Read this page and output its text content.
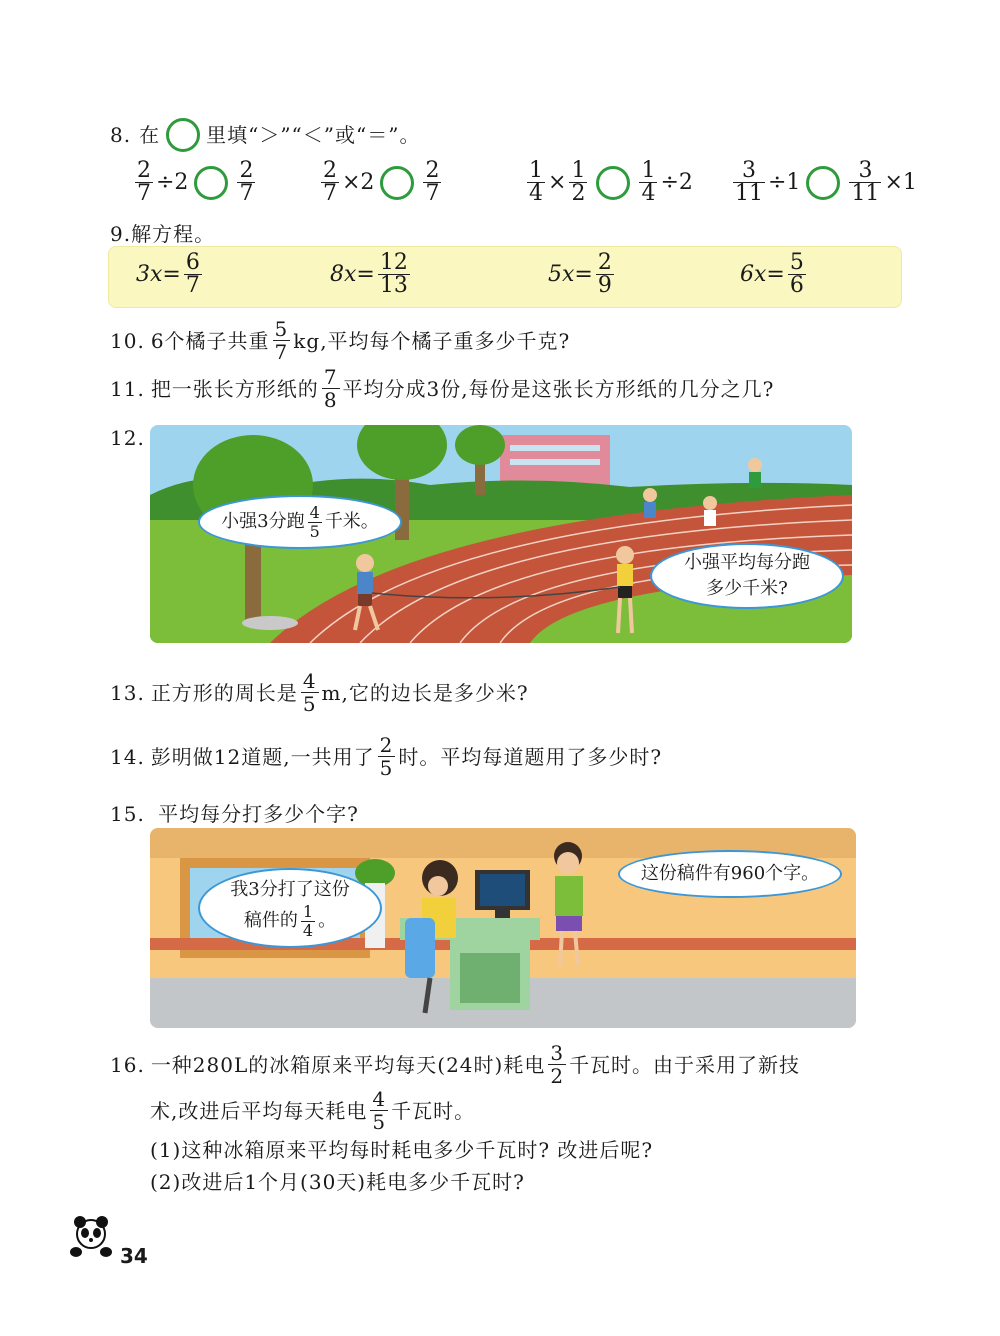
8. 在 里填“＞”“＜”或“＝”。
$\frac{2}{7} \div 2 \frac{2}{7}$	$\frac{2}{7} \times 2 \frac{2}{7}$	$\frac{1}{4} \times \frac{1}{2} \frac{1}{4} \div 2 \frac{3}{11} \div 1 \frac{3}{11} \times 1$
9.解方程。
$3x= \frac{6}{7}$	$8x= \frac{12}{13}$	$5x= \frac{2}{9}$	$6x= \frac{5}{6}$
10. 6个橘子共重 $\frac{5}{7}$ kg,平均每个橘子重多少千克?
11. 把一张长方形纸的 $\frac{7}{8}$ 平均分成3份,每份是这张长方形纸的几分之几?
12.
小强3分跑 $\frac{4}{5}$ 千米。
小强平均每分跑
多少千米?
13. 正方形的周长是 $\frac{4}{5} m$,它的边长是多少米?
14. 彭明做12道题,一共用了 $\frac{2}{5}$ 时。平均每道题用了多少时?
15. 平均每分打多少个字?
我3分打了这份
稿件的 $\frac{1}{4}$ 。
这份稿件有960个字。
16. 一种280L的冰箱原来平均每天(24时)耗电 $\frac{3}{2}$ 千瓦时。由于采用了新技
术,改进后平均每天耗电 $\frac{4}{5}$ 千瓦时。
(1)这种冰箱原来平均每时耗电多少千瓦时? 改进后呢?
(2)改进后1个月(30天)耗电多少千瓦时?
34
